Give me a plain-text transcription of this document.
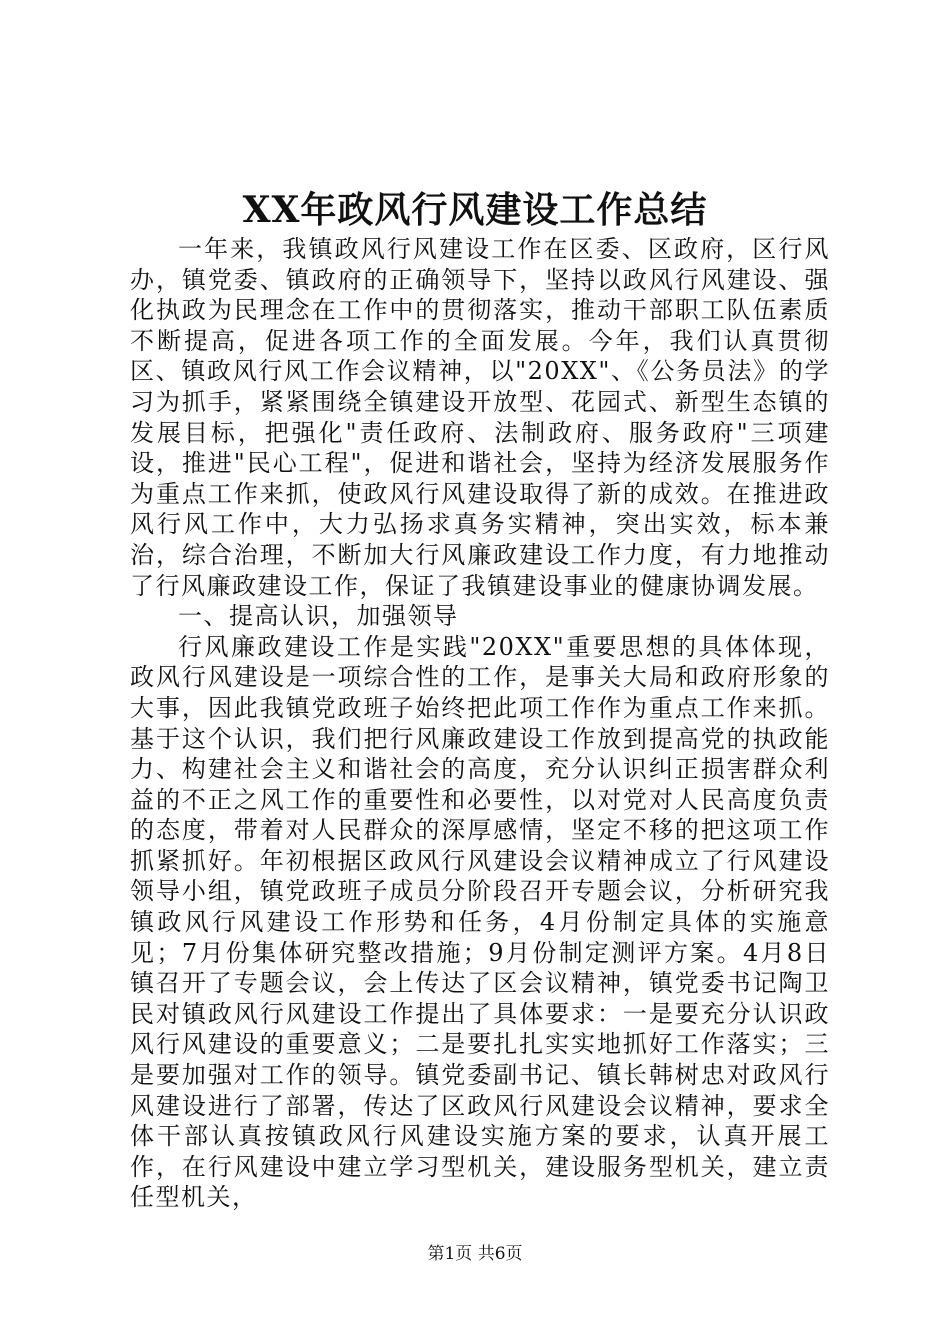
XX年政风行风建设工作总结

一年来，我镇政风行风建设工作在区委、区政府，区行风办，镇党委、镇政府的正确领导下，坚持以政风行风建设、强化执政为民理念在工作中的贯彻落实，推动干部职工队伍素质不断提高，促进各项工作的全面发展。今年，我们认真贯彻区、镇政风行风工作会议精神，以"20XX"、《公务员法》的学习为抓手，紧紧围绕全镇建设开放型、花园式、新型生态镇的发展目标，把强化"责任政府、法制政府、服务政府"三项建设，推进"民心工程"，促进和谐社会，坚持为经济发展服务作为重点工作来抓，使政风行风建设取得了新的成效。在推进政风行风工作中，大力弘扬求真务实精神，突出实效，标本兼治，综合治理，不断加大行风廉政建设工作力度，有力地推动了行风廉政建设工作，保证了我镇建设事业的健康协调发展。

一、提高认识，加强领导

行风廉政建设工作是实践"20XX"重要思想的具体体现，政风行风建设是一项综合性的工作，是事关大局和政府形象的大事，因此我镇党政班子始终把此项工作作为重点工作来抓。基于这个认识，我们把行风廉政建设工作放到提高党的执政能力、构建社会主义和谐社会的高度，充分认识纠正损害群众利益的不正之风工作的重要性和必要性，以对党对人民高度负责的态度，带着对人民群众的深厚感情，坚定不移的把这项工作抓紧抓好。年初根据区政风行风建设会议精神成立了行风建设领导小组，镇党政班子成员分阶段召开专题会议，分析研究我镇政风行风建设工作形势和任务，4月份制定具体的实施意见；7月份集体研究整改措施；9月份制定测评方案。4月8日镇召开了专题会议，会上传达了区会议精神，镇党委书记陶卫民对镇政风行风建设工作提出了具体要求：一是要充分认识政风行风建设的重要意义；二是要扎扎实实地抓好工作落实；三是要加强对工作的领导。镇党委副书记、镇长韩树忠对政风行风建设进行了部署，传达了区政风行风建设会议精神，要求全体干部认真按镇政风行风建设实施方案的要求，认真开展工作，在行风建设中建立学习型机关，建设服务型机关，建立责任型机关，

第1页 共6页
